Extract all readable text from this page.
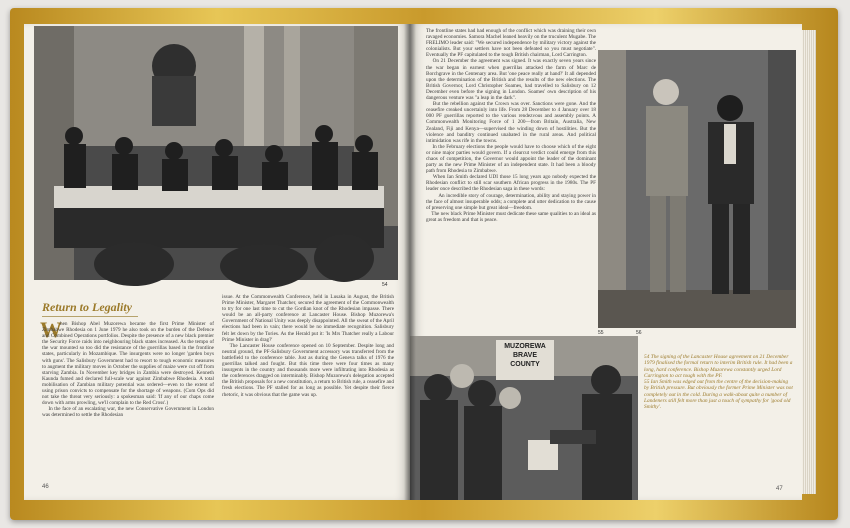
54
Return to Legality
W
hen Bishop Abel Muzorewa became the first Prime Minister of Zimbabwe Rhodesia on 1 June 1979 he also took on the burden of the Defence and Combined Operations portfolios. Despite the presence of a new black premier the Security Force raids into neighbouring black states increased. As the tempo of the war mounted so too did the resistance of the guerrillas based in the frontline states, particularly in Mozambique. The insurgents were no longer 'garden boys with guns'. The Salisbury Government had to resort to tough economic measures to augment the military moves in October the supplies of maize were cut off from starving Zambia. In November key bridges in Zambia were destroyed. Kenneth Kaunda fumed and declared full-scale war against Zimbabwe Rhodesia. A total mobilisation of Zambian military potential was ordered—even to the extent of using prison convicts to compensate for the shortage of weapons. (Com Ops did not take the threat very seriously: a spokesman said: 'If any of our chaps come down with arms prowling, we'll complain to the Red Cross'.)
In the face of an escalating war, the new Conservative Government in London was determined to settle the Rhodesian
issue. At the Commonwealth Conference, held in Lusaka in August, the British Prime Minister, Margaret Thatcher, secured the agreement of the Commonwealth to try for one last time to cut the Gordian knot of the Rhodesian impasse. There would be an all-party conference at Lancaster House. Bishop Muzorewa's Government of National Unity was deeply disappointed. All the sweat of the April elections had been in vain; there would be no immediate recognition. Salisbury felt let down by the Tories. As the Herald put it: 'Is Mrs Thatcher really a Labour Prime Minister in drag?'
The Lancaster House conference opened on 10 September. Despite long and neutral ground, the PF-Salisbury Government accessory was transferred from the battlefield to the conference table. Just as during the Geneva talks of 1976 the guerrillas talked and fought. But this time there were four times as many insurgents in the country and thousands more were infiltrating into Rhodesia as the conferences dragged on interminably. Bishop Muzorewa's delegation accepted the British proposals for a new constitution, a return to British rule, a ceasefire and fresh elections. The PF stalled for as long as possible. Yet despite their fierce rhetoric, it was obvious that the game was up.
46
The frontline states had had enough of the conflict which was draining their own ravaged economies. Samora Machel leaned heavily on the truculent Mugabe. The FRELIMO leader said: "We secured independence by military victory against the colonialists. But your settlers have not been defeated so you must negotiate". Eventually the PF capitulated to the tough British chairman, Lord Carrington.
On 21 December the agreement was signed. It was exactly seven years since the war began in earnest when guerrillas attacked the farm of Marc de Borchgrave in the Centenary area. But 'one peace really at hand?' It all depended upon the determination of the British and the results of the new elections. The British Governor, Lord Christopher Soames, had travelled to Salisbury on 12 December even before the signing in London. Soames' own description of his dangerous venture was "a leap in the dark".
But the rebellion against the Crown was over. Sanctions were gone. And the ceasefire creaked uncertainly into life. From 28 December to 4 January over 18 000 PF guerrillas reported to the various rendezvous and assembly points. A Commonwealth Monitoring Force of 1 200—from Britain, Australia, New Zealand, Fiji and Kenya—supervised the winding down of hostilities. But the violence and banditry continued unabated in the rural areas. And political intimidation was rife in the towns.
In the February elections the people would have to choose which of the eight or nine major parties would govern. If a clearcut verdict could emerge from this chaos of competition, the Governor would appoint the leader of the dominant party as the new Prime Minister of an independent state. It had been a bloody path from Rhodesia to Zimbabwe.
When Ian Smith declared UDI those 15 long years ago nobody expected the Rhodesian conflict to still scar southern African progress in the 1980s. The PF leader once described the Rhodesian saga in these words:
An incredible story of courage, determination, ability and staying power in the face of almost insuperable odds; a complete and utter dedication to the cause of preserving one simple but great ideal—freedom.
The new black Prime Minister must dedicate these same qualities to an ideal as great as freedom and that is peace.
55	56
MUZOREWA
BRAVE
COUNTY
54 The signing of the Lancaster House agreement on 21 December 1979 finalised the formal return to interim British rule. It had been a long, hard conference. Bishop Muzorewa constantly urged Lord Carrington to act tough with the PF.
55 Ian Smith was edged out from the centre of the decision-making by British pressure. But obviously the former Prime Minister was not completely out in the cold. During a walk-about quite a number of Landeners still felt more than just a touch of sympathy for 'good old Smithy'.
47
